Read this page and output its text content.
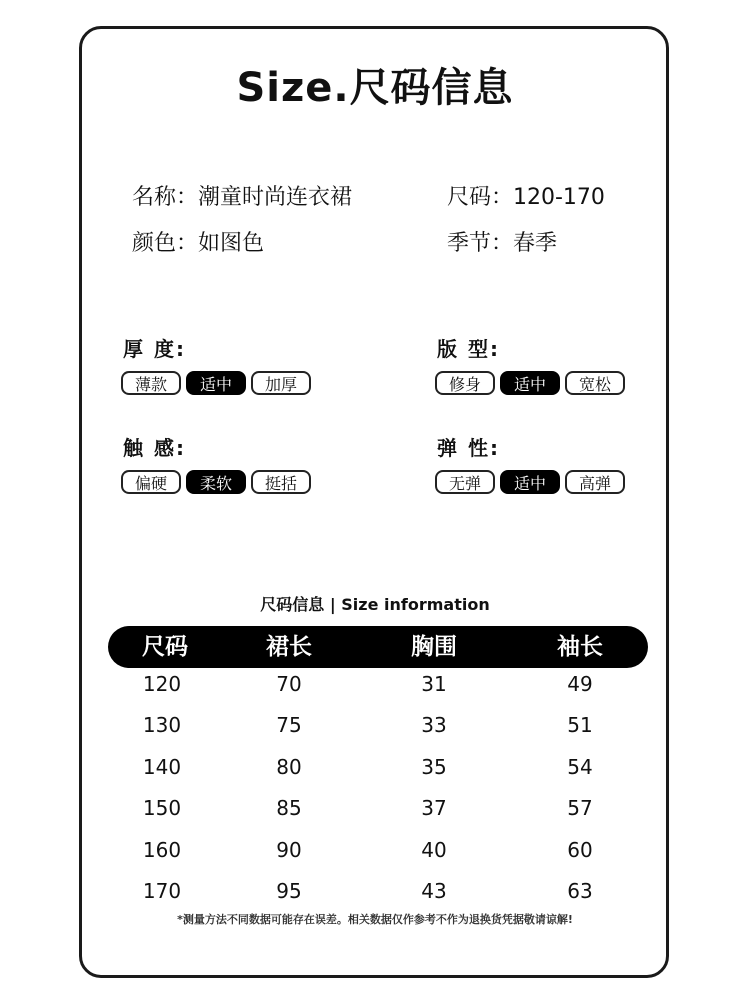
Size.尺码信息
名称：潮童时尚连衣裙	尺码：120-170
颜色：如图色	季节：春季
厚 度:
薄款	适中	加厚
版 型:
修身	适中	宽松
触 感:
偏硬	柔软	挺括
弹 性:
无弹	适中	高弹
尺码信息 | Size information
尺码	裙长	胸围	袖长
120	70	31	49
130	75	33	51
140	80	35	54
150	85	37	57
160	90	40	60
170	95	43	63
*测量方法不同数据可能存在误差。相关数据仅作参考不作为退换货凭据敬请谅解!
